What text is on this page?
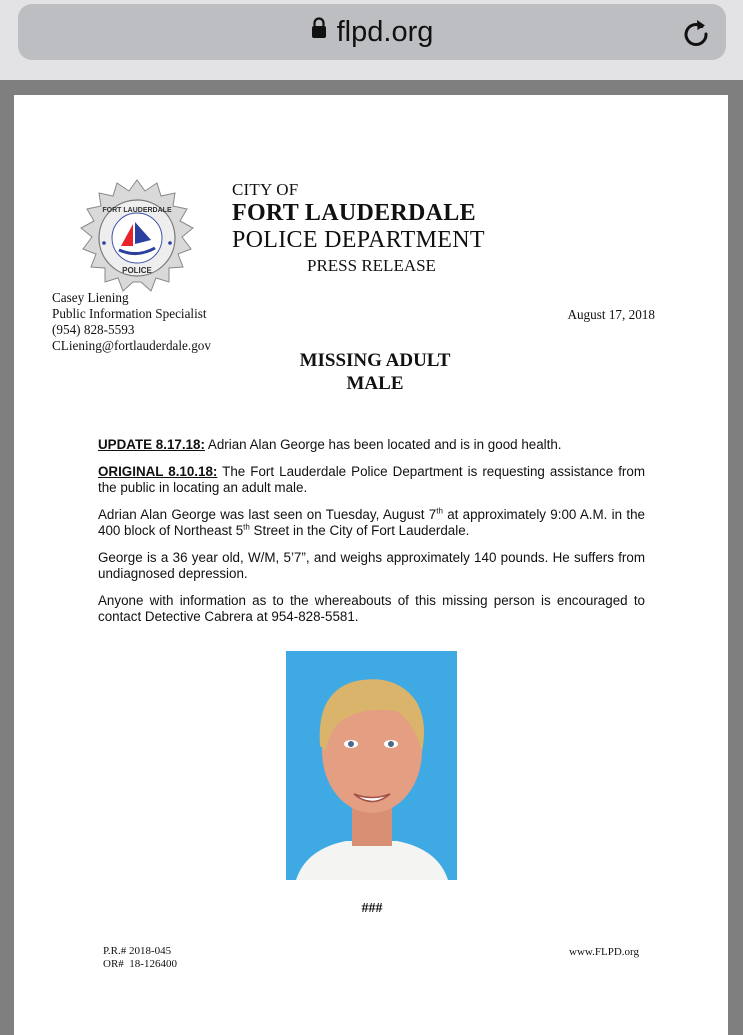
flpd.org
FORT LAUDERDALE
POLICE
CITY OF
FORT LAUDERDALE
POLICE DEPARTMENT
PRESS RELEASE
Casey Liening
Public Information Specialist
(954) 828-5593
CLiening@fortlauderdale.gov
August 17, 2018
MISSING ADULT
MALE

UPDATE 8.17.18: Adrian Alan George has been located and is in good health.

ORIGINAL 8.10.18: The Fort Lauderdale Police Department is requesting assistance from the public in locating an adult male.

Adrian Alan George was last seen on Tuesday, August 7th at approximately 9:00 A.M. in the 400 block of Northeast 5th Street in the City of Fort Lauderdale.

George is a 36 year old, W/M, 5’7”, and weighs approximately 140 pounds. He suffers from undiagnosed depression.

Anyone with information as to the whereabouts of this missing person is encouraged to contact Detective Cabrera at 954-828-5581.

###
P.R.# 2018-045
OR#  18-126400
www.FLPD.org
